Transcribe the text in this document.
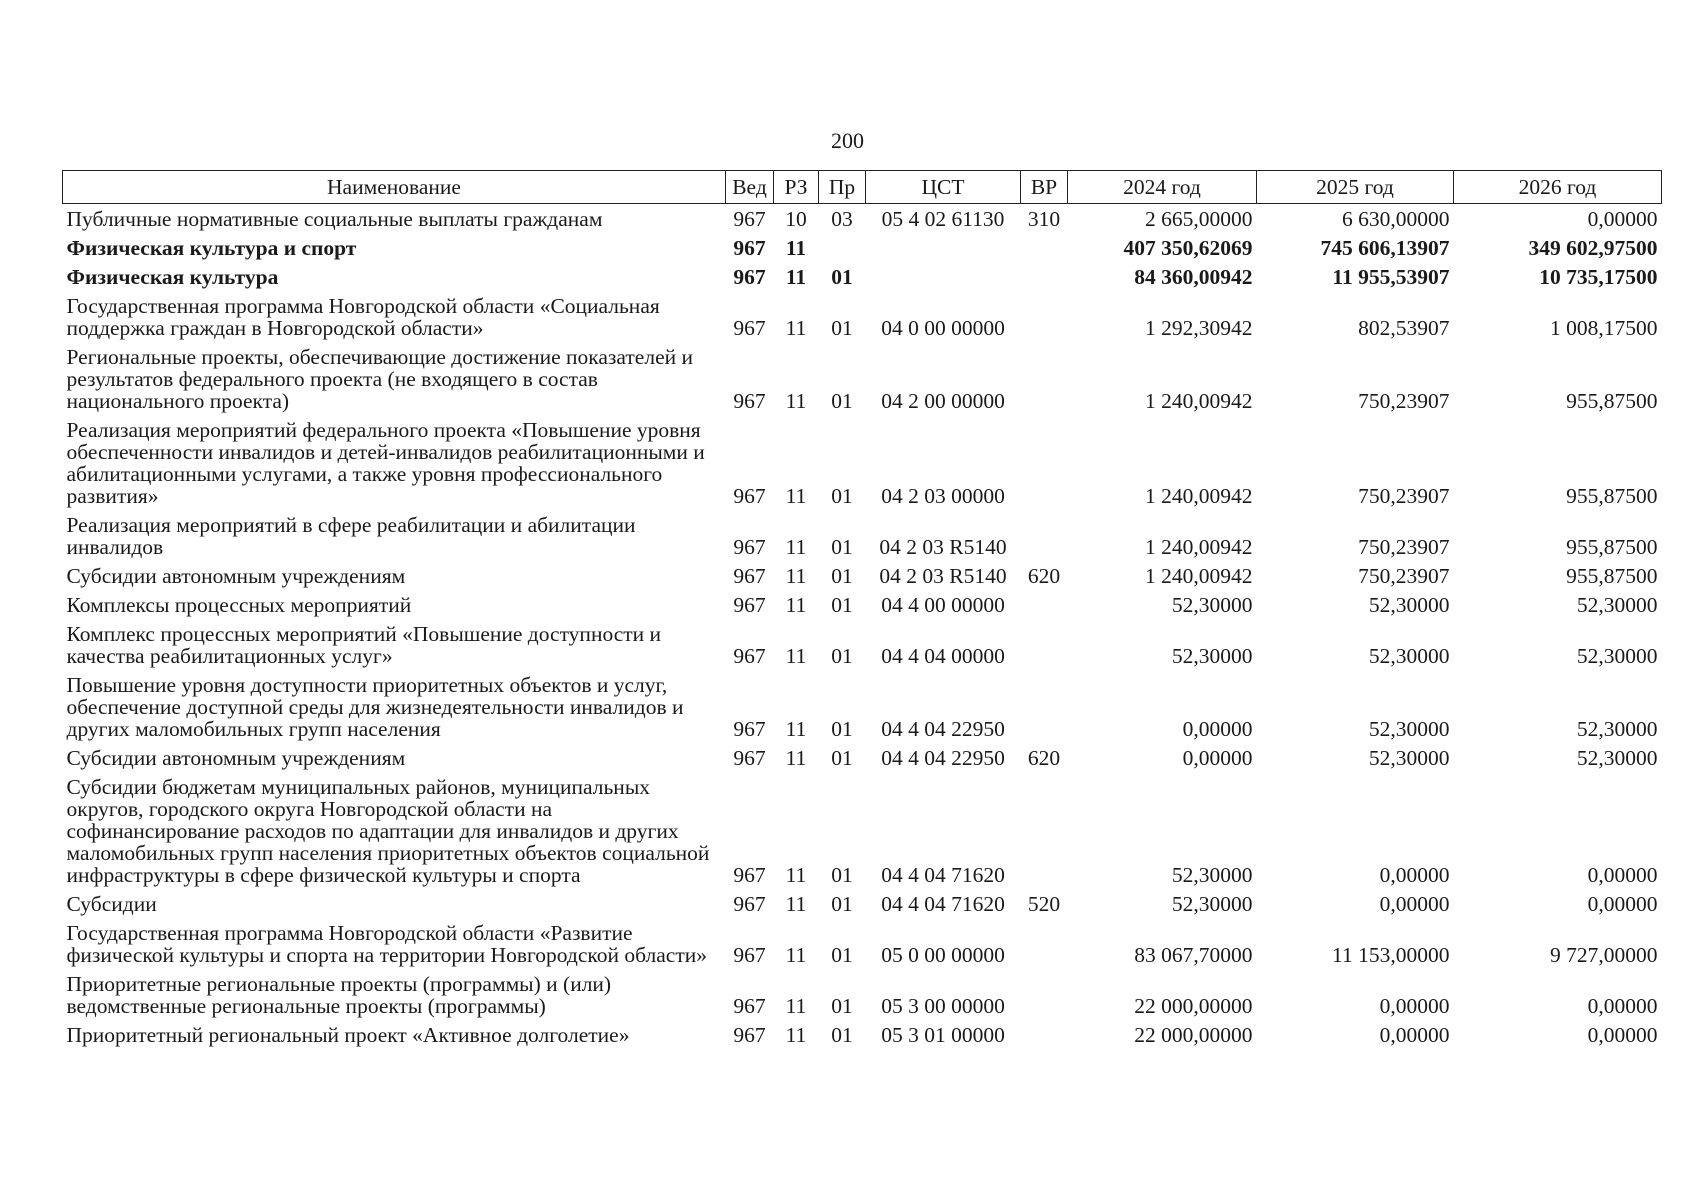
200
Наименование	Вед	РЗ	Пр	ЦСТ	ВР	2024 год	2025 год	2026 год
Публичные нормативные социальные выплаты гражданам	967	10	03	05 4 02 61130	310	2 665,00000	6 630,00000	0,00000
Физическая культура и спорт	967	11				407 350,62069	745 606,13907	349 602,97500
Физическая культура	967	11	01			84 360,00942	11 955,53907	10 735,17500
Государственная программа Новгородской области «Социальная поддержка граждан в Новгородской области»	967	11	01	04 0 00 00000		1 292,30942	802,53907	1 008,17500
Региональные проекты, обеспечивающие достижение показателей и результатов федерального проекта (не входящего в состав национального проекта)	967	11	01	04 2 00 00000		1 240,00942	750,23907	955,87500
Реализация мероприятий федерального проекта «Повышение уровня обеспеченности инвалидов и детей-инвалидов реабилитационными и абилитационными услугами, а также уровня профессионального развития»	967	11	01	04 2 03 00000		1 240,00942	750,23907	955,87500
Реализация мероприятий в сфере реабилитации и абилитации инвалидов	967	11	01	04 2 03 R5140		1 240,00942	750,23907	955,87500
Субсидии автономным учреждениям	967	11	01	04 2 03 R5140	620	1 240,00942	750,23907	955,87500
Комплексы процессных мероприятий	967	11	01	04 4 00 00000		52,30000	52,30000	52,30000
Комплекс процессных мероприятий «Повышение доступности и качества реабилитационных услуг»	967	11	01	04 4 04 00000		52,30000	52,30000	52,30000
Повышение уровня доступности приоритетных объектов и услуг, обеспечение доступной среды для жизнедеятельности инвалидов и других маломобильных групп населения	967	11	01	04 4 04 22950		0,00000	52,30000	52,30000
Субсидии автономным учреждениям	967	11	01	04 4 04 22950	620	0,00000	52,30000	52,30000
Субсидии бюджетам муниципальных районов, муниципальных округов, городского округа Новгородской области на софинансирование расходов по адаптации для инвалидов и других маломобильных групп населения приоритетных объектов социальной инфраструктуры в сфере физической культуры и спорта	967	11	01	04 4 04 71620		52,30000	0,00000	0,00000
Субсидии	967	11	01	04 4 04 71620	520	52,30000	0,00000	0,00000
Государственная программа Новгородской области «Развитие физической культуры и спорта на территории Новгородской области»	967	11	01	05 0 00 00000		83 067,70000	11 153,00000	9 727,00000
Приоритетные региональные проекты (программы) и (или) ведомственные региональные проекты (программы)	967	11	01	05 3 00 00000		22 000,00000	0,00000	0,00000
Приоритетный региональный проект «Активное долголетие»	967	11	01	05 3 01 00000		22 000,00000	0,00000	0,00000
